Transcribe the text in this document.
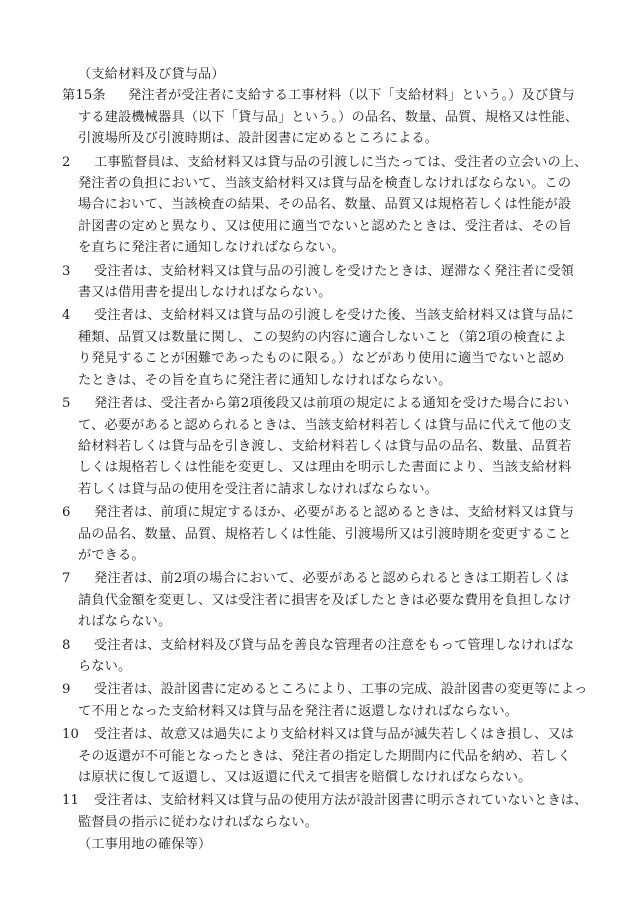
（支給材料及び貸与品）

第15条 発注者が受注者に支給する工事材料（以下「支給材料」という。）及び貸与
する建設機械器具（以下「貸与品」という。）の品名、数量、品質、規格又は性能、
引渡場所及び引渡時期は、設計図書に定めるところによる。
2 工事監督員は、支給材料又は貸与品の引渡しに当たっては、受注者の立会いの上、
発注者の負担において、当該支給材料又は貸与品を検査しなければならない。この
場合において、当該検査の結果、その品名、数量、品質又は規格若しくは性能が設
計図書の定めと異なり、又は使用に適当でないと認めたときは、受注者は、その旨
を直ちに発注者に通知しなければならない。
3 受注者は、支給材料又は貸与品の引渡しを受けたときは、遅滞なく発注者に受領
書又は借用書を提出しなければならない。
4 受注者は、支給材料又は貸与品の引渡しを受けた後、当該支給材料又は貸与品に
種類、品質又は数量に関し、この契約の内容に適合しないこと（第2項の検査によ
り発見することが困難であったものに限る。）などがあり使用に適当でないと認め
たときは、その旨を直ちに発注者に通知しなければならない。
5 発注者は、受注者から第2項後段又は前項の規定による通知を受けた場合におい
て、必要があると認められるときは、当該支給材料若しくは貸与品に代えて他の支
給材料若しくは貸与品を引き渡し、支給材料若しくは貸与品の品名、数量、品質若
しくは規格若しくは性能を変更し、又は理由を明示した書面により、当該支給材料
若しくは貸与品の使用を受注者に請求しなければならない。
6 発注者は、前項に規定するほか、必要があると認めるときは、支給材料又は貸与
品の品名、数量、品質、規格若しくは性能、引渡場所又は引渡時期を変更すること
ができる。
7 発注者は、前2項の場合において、必要があると認められるときは工期若しくは
請負代金額を変更し、又は受注者に損害を及ぼしたときは必要な費用を負担しなけ
ればならない。
8 受注者は、支給材料及び貸与品を善良な管理者の注意をもって管理しなければな
らない。
9 受注者は、設計図書に定めるところにより、工事の完成、設計図書の変更等によっ
て不用となった支給材料又は貸与品を発注者に返還しなければならない。
10 受注者は、故意又は過失により支給材料又は貸与品が滅失若しくはき損し、又は
その返還が不可能となったときは、発注者の指定した期間内に代品を納め、若しく
は原状に復して返還し、又は返還に代えて損害を賠償しなければならない。
11 受注者は、支給材料又は貸与品の使用方法が設計図書に明示されていないときは、
監督員の指示に従わなければならない。

（工事用地の確保等）
